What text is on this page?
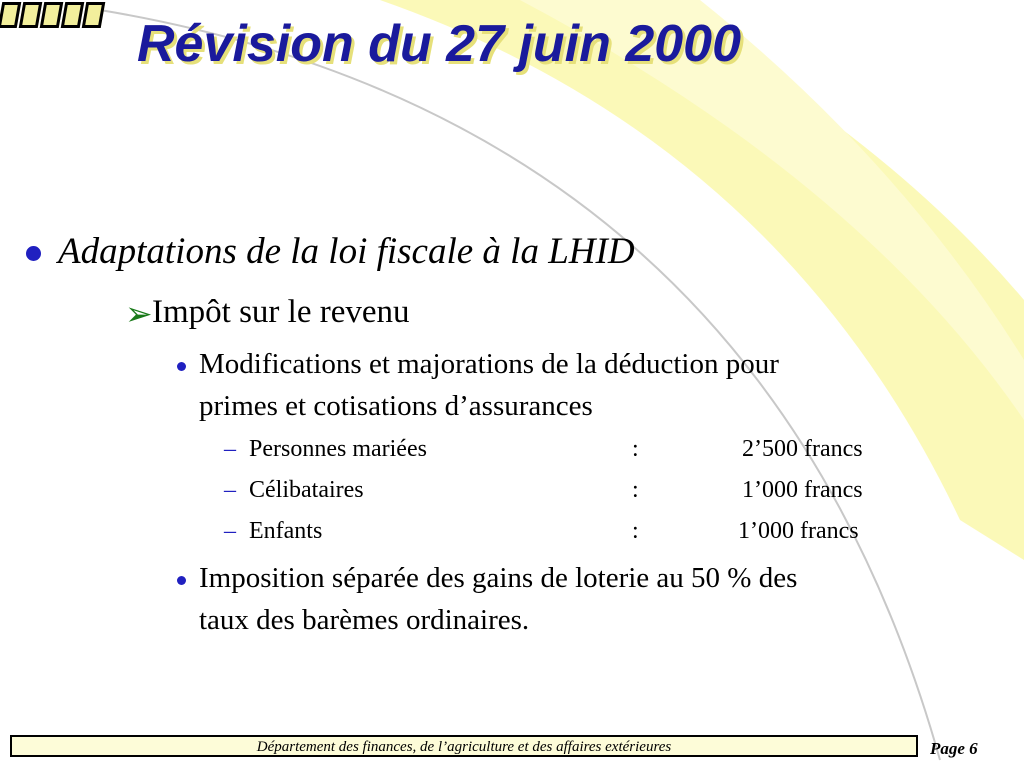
Révision du 27 juin 2000
Adaptations de la loi fiscale à la LHID
➢ Impôt sur le revenu
Modifications et majorations de la déduction pour
primes et cotisations d’assurances
– Personnes mariées	:	2’500 francs
– Célibataires	:	1’000 francs
– Enfants	:	1’000 francs
Imposition séparée des gains de loterie au 50 % des
taux des barèmes ordinaires.
Département des finances, de l’agriculture et des affaires extérieures	Page 6
